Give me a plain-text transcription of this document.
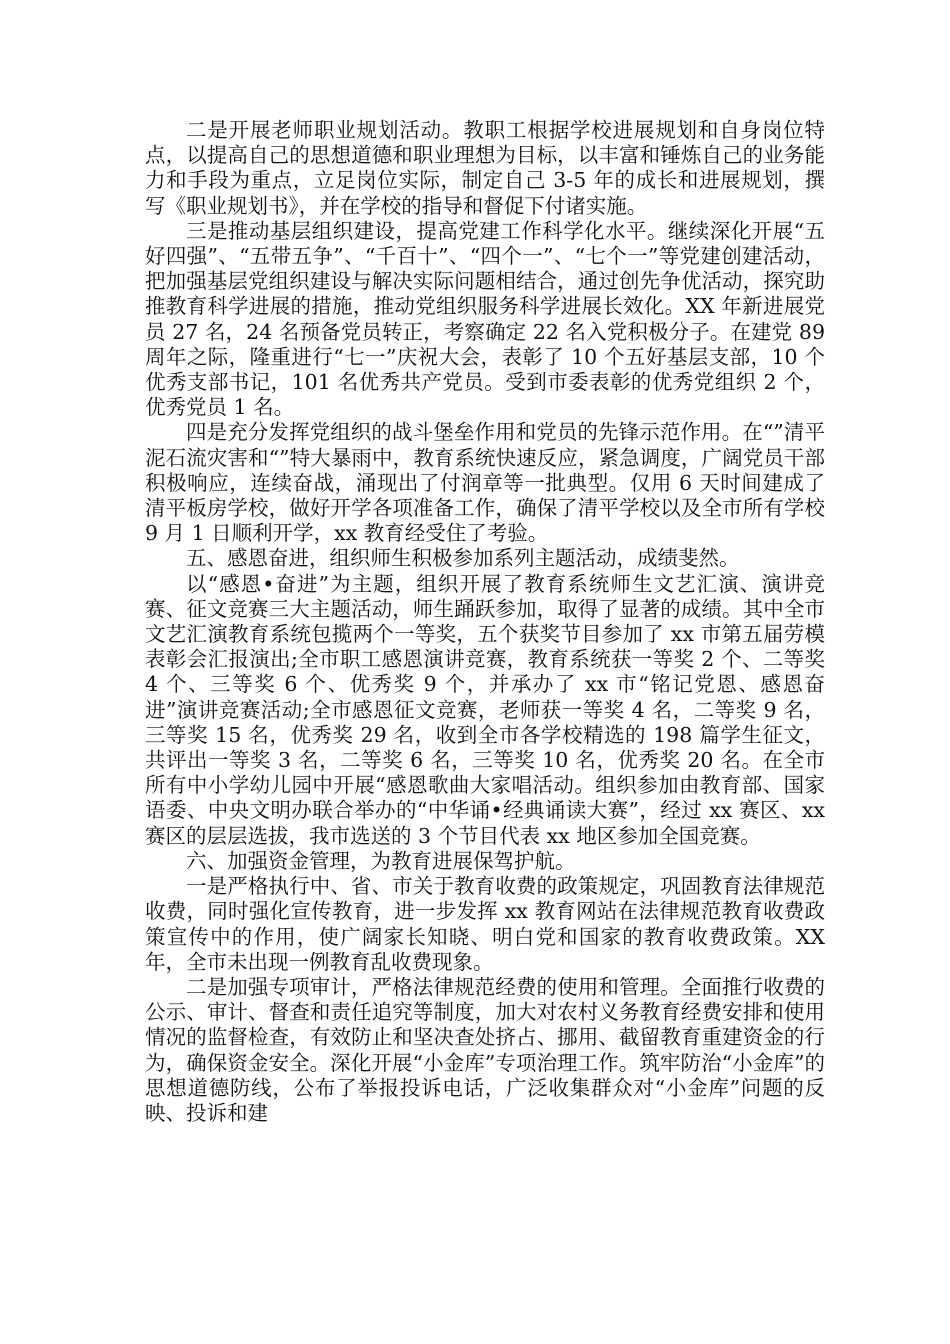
二是开展老师职业规划活动。教职工根据学校进展规划和自身岗位特点，以提高自己的思想道德和职业理想为目标，以丰富和锤炼自己的业务能力和手段为重点，立足岗位实际，制定自己 3-5 年的成长和进展规划，撰写《职业规划书》，并在学校的指导和督促下付诸实施。

三是推动基层组织建设，提高党建工作科学化水平。继续深化开展“五好四强”、“五带五争”、“千百十”、“四个一”、“七个一”等党建创建活动，把加强基层党组织建设与解决实际问题相结合，通过创先争优活动，探究助推教育科学进展的措施，推动党组织服务科学进展长效化。XX 年新进展党员 27 名，24 名预备党员转正，考察确定 22 名入党积极分子。在建党 89 周年之际，隆重进行“七一”庆祝大会，表彰了 10 个五好基层支部，10 个优秀支部书记，101 名优秀共产党员。受到市委表彰的优秀党组织 2 个，优秀党员 1 名。

四是充分发挥党组织的战斗堡垒作用和党员的先锋示范作用。在“”清平泥石流灾害和“”特大暴雨中，教育系统快速反应，紧急调度，广阔党员干部积极响应，连续奋战，涌现出了付润章等一批典型。仅用 6 天时间建成了清平板房学校，做好开学各项准备工作，确保了清平学校以及全市所有学校 9 月 1 日顺利开学，xx 教育经受住了考验。

五、感恩奋进，组织师生积极参加系列主题活动，成绩斐然。

以“感恩•奋进”为主题，组织开展了教育系统师生文艺汇演、演讲竞赛、征文竞赛三大主题活动，师生踊跃参加，取得了显著的成绩。其中全市文艺汇演教育系统包揽两个一等奖，五个获奖节目参加了 xx 市第五届劳模表彰会汇报演出;全市职工感恩演讲竞赛，教育系统获一等奖 2 个、二等奖 4 个、三等奖 6 个、优秀奖 9 个，并承办了 xx 市“铭记党恩、感恩奋进”演讲竞赛活动;全市感恩征文竞赛，老师获一等奖 4 名，二等奖 9 名，三等奖 15 名，优秀奖 29 名，收到全市各学校精选的 198 篇学生征文，共评出一等奖 3 名，二等奖 6 名，三等奖 10 名，优秀奖 20 名。在全市所有中小学幼儿园中开展“感恩歌曲大家唱活动。组织参加由教育部、国家语委、中央文明办联合举办的“中华诵•经典诵读大赛”，经过 xx 赛区、xx 赛区的层层选拔，我市选送的 3 个节目代表 xx 地区参加全国竞赛。

六、加强资金管理，为教育进展保驾护航。

一是严格执行中、省、市关于教育收费的政策规定，巩固教育法律规范收费，同时强化宣传教育，进一步发挥 xx 教育网站在法律规范教育收费政策宣传中的作用，使广阔家长知晓、明白党和国家的教育收费政策。XX 年，全市未出现一例教育乱收费现象。

二是加强专项审计，严格法律规范经费的使用和管理。全面推行收费的公示、审计、督查和责任追究等制度，加大对农村义务教育经费安排和使用情况的监督检查，有效防止和坚决查处挤占、挪用、截留教育重建资金的行为，确保资金安全。深化开展“小金库”专项治理工作。筑牢防治“小金库”的思想道德防线，公布了举报投诉电话，广泛收集群众对“小金库”问题的反映、投诉和建
